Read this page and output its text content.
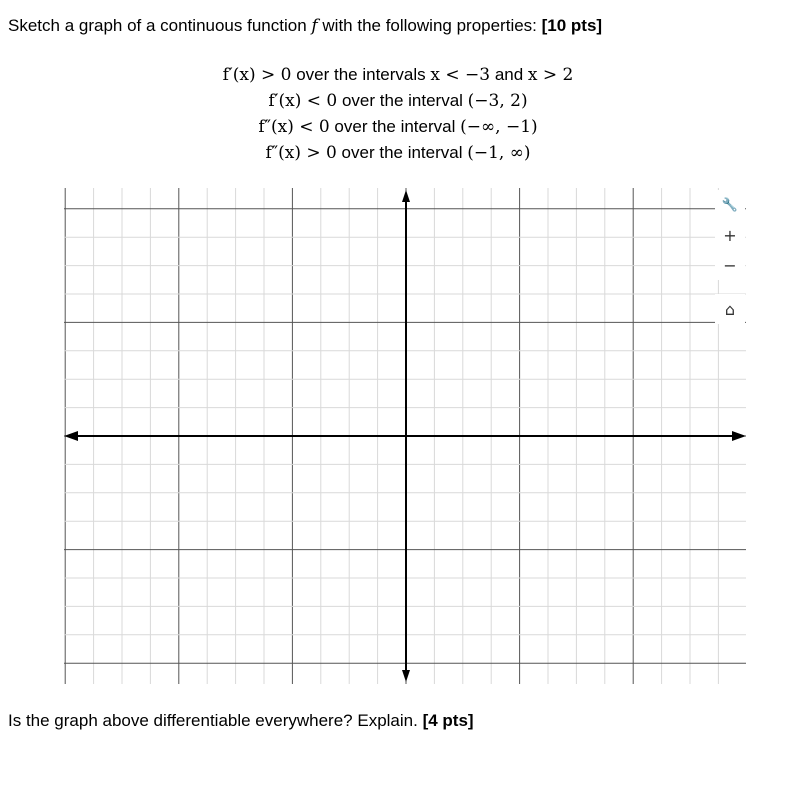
Sketch a graph of a continuous function f with the following properties: [10 pts]
f′(x) > 0 over the intervals x < −3 and x > 2
f′(x) < 0 over the interval (−3, 2)
f″(x) < 0 over the interval (−∞, −1)
f″(x) > 0 over the interval (−1, ∞)
🔧
+
−
⌂
Is the graph above differentiable everywhere? Explain. [4 pts]
